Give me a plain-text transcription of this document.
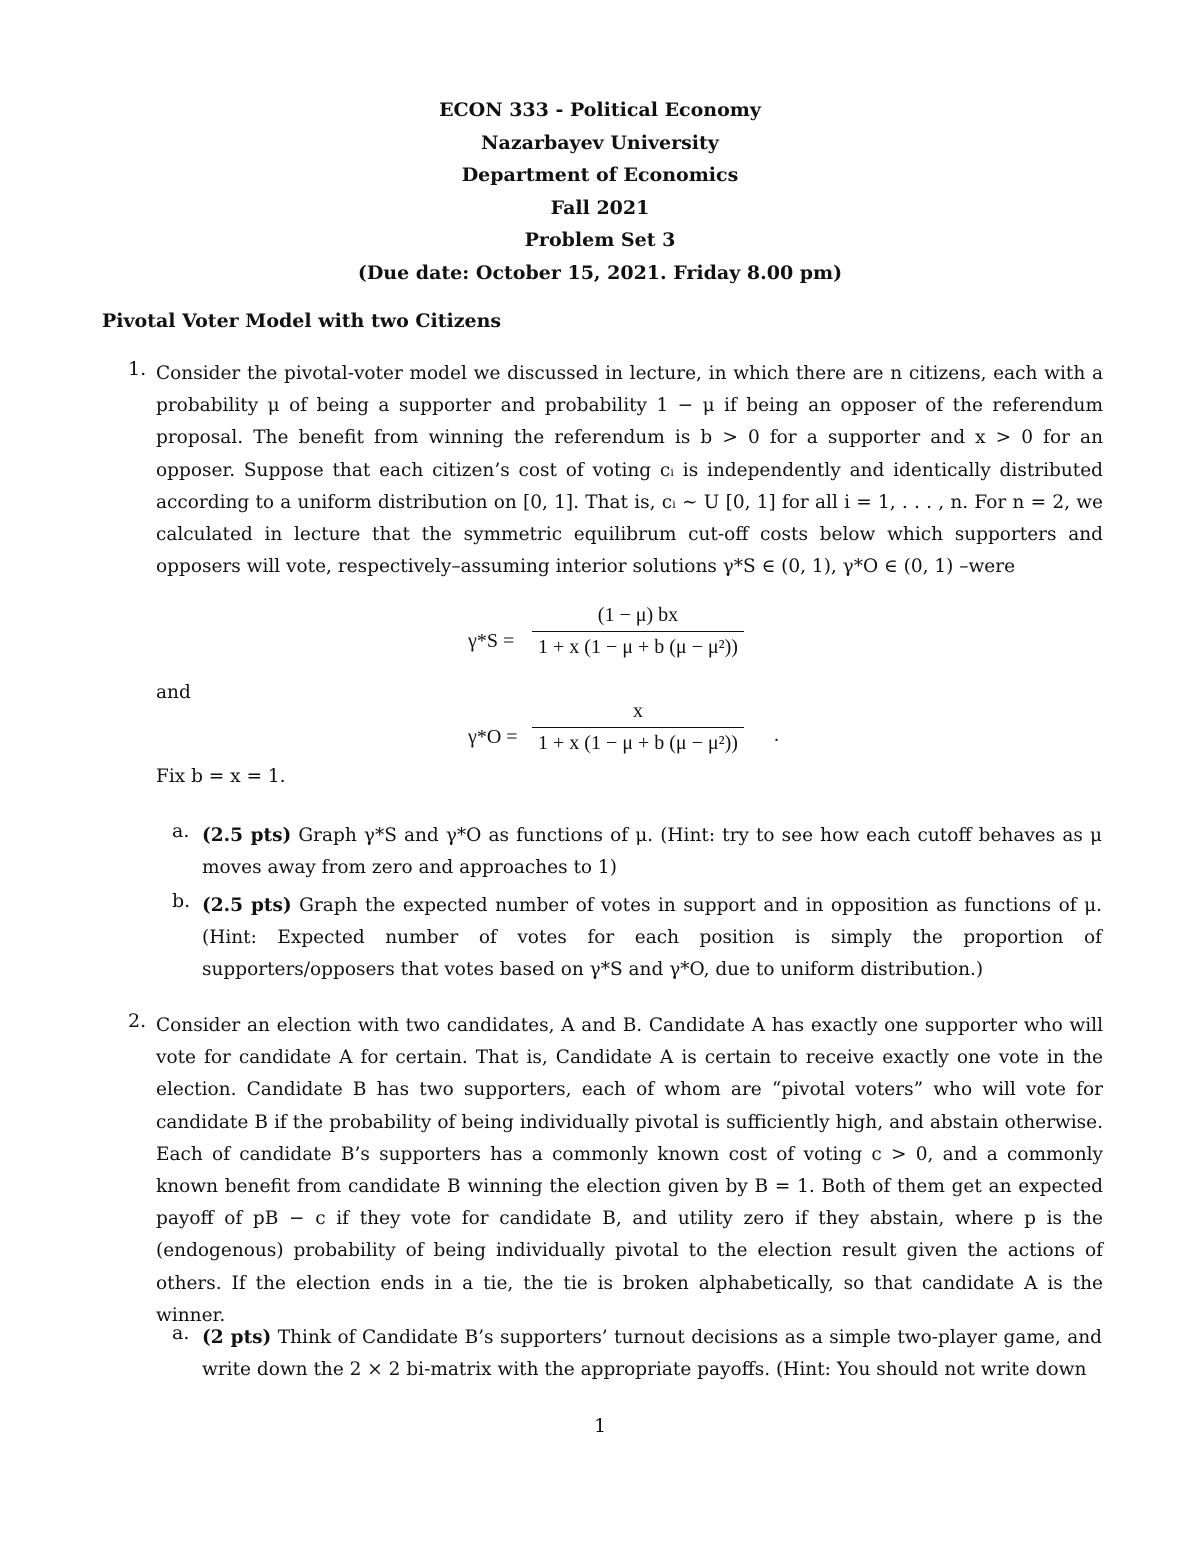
ECON 333 - Political Economy
Nazarbayev University
Department of Economics
Fall 2021
Problem Set 3
(Due date: October 15, 2021. Friday 8.00 pm)
Pivotal Voter Model with two Citizens
1. Consider the pivotal-voter model we discussed in lecture, in which there are n citizens, each with a probability μ of being a supporter and probability 1 − μ if being an opposer of the referendum proposal. The benefit from winning the referendum is b > 0 for a supporter and x > 0 for an opposer. Suppose that each citizen’s cost of voting cᵢ is independently and identically distributed according to a uniform distribution on [0, 1]. That is, cᵢ ∼ U [0, 1] for all i = 1, . . . , n. For n = 2, we calculated in lecture that the symmetric equilibrum cut-off costs below which supporters and opposers will vote, respectively–assuming interior solutions γ*S ∈ (0, 1), γ*O ∈ (0, 1) –were
$\gamma*S = \frac{(1 - \mu) bx}{\text{1 + x (1 − μ + b (μ − μ²))}}$
and
$\gamma*O = \frac{x}{\text{1 + x (1 − μ + b (μ − μ²))}}$ .
Fix b = x = 1.
a. (2.5 pts) Graph γ*S and γ*O as functions of μ. (Hint: try to see how each cutoff behaves as μ moves away from zero and approaches to 1)
b. (2.5 pts) Graph the expected number of votes in support and in opposition as functions of μ. (Hint: Expected number of votes for each position is simply the proportion of supporters/opposers that votes based on γ*S and γ*O, due to uniform distribution.)
2. Consider an election with two candidates, A and B. Candidate A has exactly one supporter who will vote for candidate A for certain. That is, Candidate A is certain to receive exactly one vote in the election. Candidate B has two supporters, each of whom are “pivotal voters” who will vote for candidate B if the probability of being individually pivotal is sufficiently high, and abstain otherwise. Each of candidate B’s supporters has a commonly known cost of voting c > 0, and a commonly known benefit from candidate B winning the election given by B = 1. Both of them get an expected payoff of pB − c if they vote for candidate B, and utility zero if they abstain, where p is the (endogenous) probability of being individually pivotal to the election result given the actions of others. If the election ends in a tie, the tie is broken alphabetically, so that candidate A is the winner.
a. (2 pts) Think of Candidate B’s supporters’ turnout decisions as a simple two-player game, and write down the 2 × 2 bi-matrix with the appropriate payoffs. (Hint: You should not write down
1
